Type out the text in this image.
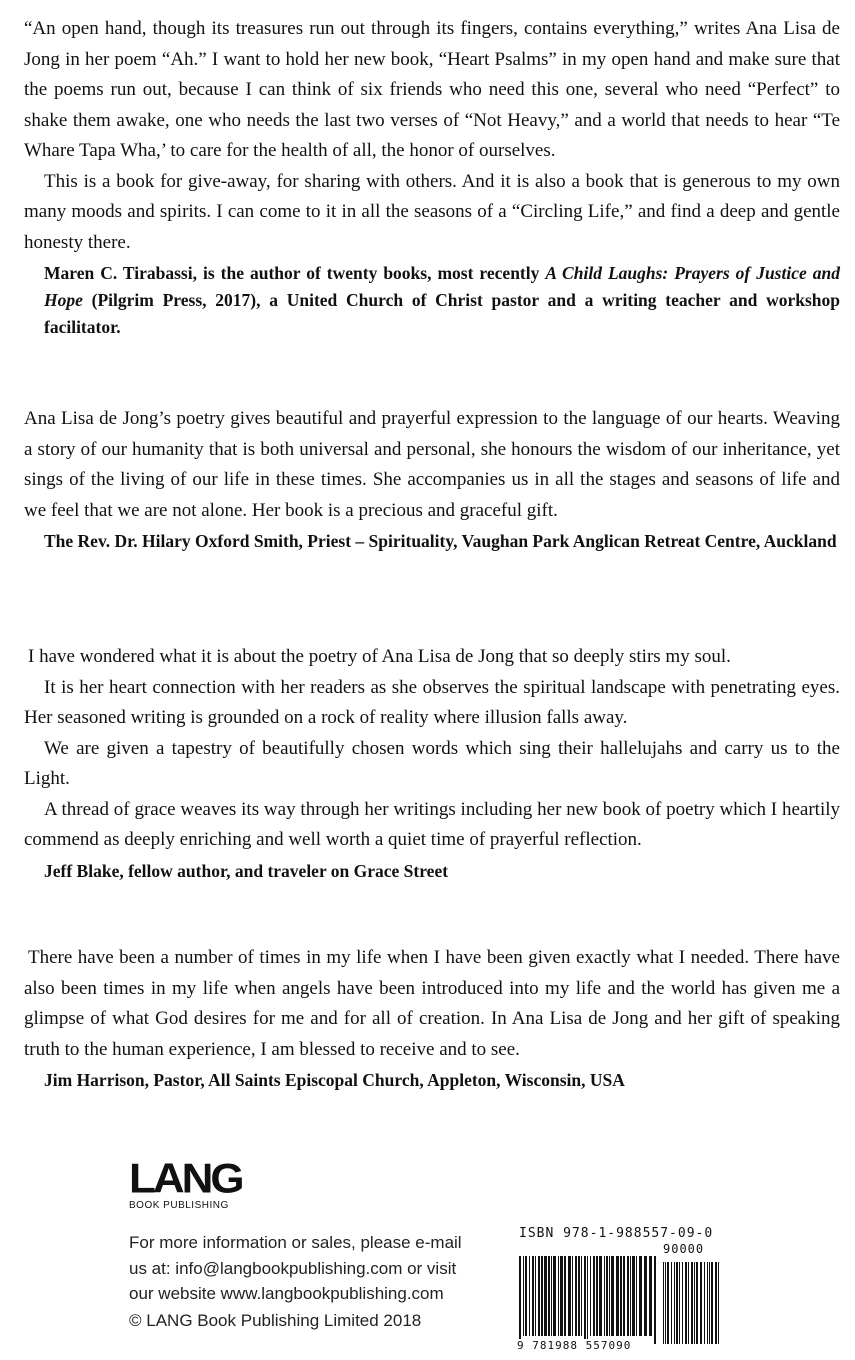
“An open hand, though its treasures run out through its fingers, contains everything,” writes Ana Lisa de Jong in her poem “Ah.” I want to hold her new book, “Heart Psalms” in my open hand and make sure that the poems run out, because I can think of six friends who need this one, several who need “Perfect” to shake them awake, one who needs the last two verses of “Not Heavy,” and a world that needs to hear “Te Whare Tapa Wha,’ to care for the health of all, the honor of ourselves.

This is a book for give-away, for sharing with others. And it is also a book that is generous to my own many moods and spirits. I can come to it in all the seasons of a “Circling Life,” and find a deep and gentle honesty there.

Maren C. Tirabassi, is the author of twenty books, most recently A Child Laughs: Prayers of Justice and Hope (Pilgrim Press, 2017), a United Church of Christ pastor and a writing teacher and workshop facilitator.

Ana Lisa de Jong’s poetry gives beautiful and prayerful expression to the language of our hearts. Weaving a story of our humanity that is both universal and personal, she honours the wisdom of our inheritance, yet sings of the living of our life in these times. She accompanies us in all the stages and seasons of life and we feel that we are not alone. Her book is a precious and graceful gift.

The Rev. Dr. Hilary Oxford Smith, Priest – Spirituality, Vaughan Park Anglican Retreat Centre, Auckland

I have wondered what it is about the poetry of Ana Lisa de Jong that so deeply stirs my soul.

It is her heart connection with her readers as she observes the spiritual landscape with penetrating eyes. Her seasoned writing is grounded on a rock of reality where illusion falls away.

We are given a tapestry of beautifully chosen words which sing their hallelujahs and carry us to the Light.

A thread of grace weaves its way through her writings including her new book of poetry which I heartily commend as deeply enriching and well worth a quiet time of prayerful reflection.

Jeff Blake, fellow author, and traveler on Grace Street

There have been a number of times in my life when I have been given exactly what I needed. There have also been times in my life when angels have been introduced into my life and the world has given me a glimpse of what God desires for me and for all of creation. In Ana Lisa de Jong and her gift of speaking truth to the human experience, I am blessed to receive and to see.

Jim Harrison, Pastor, All Saints Episcopal Church, Appleton, Wisconsin, USA
LANG
BOOK PUBLISHING
For more information or sales, please e-mail
us at: info@langbookpublishing.com or visit
our website www.langbookpublishing.com
© LANG Book Publishing Limited 2018
ISBN 978-1-988557-09-0
90000
9 781988 557090
